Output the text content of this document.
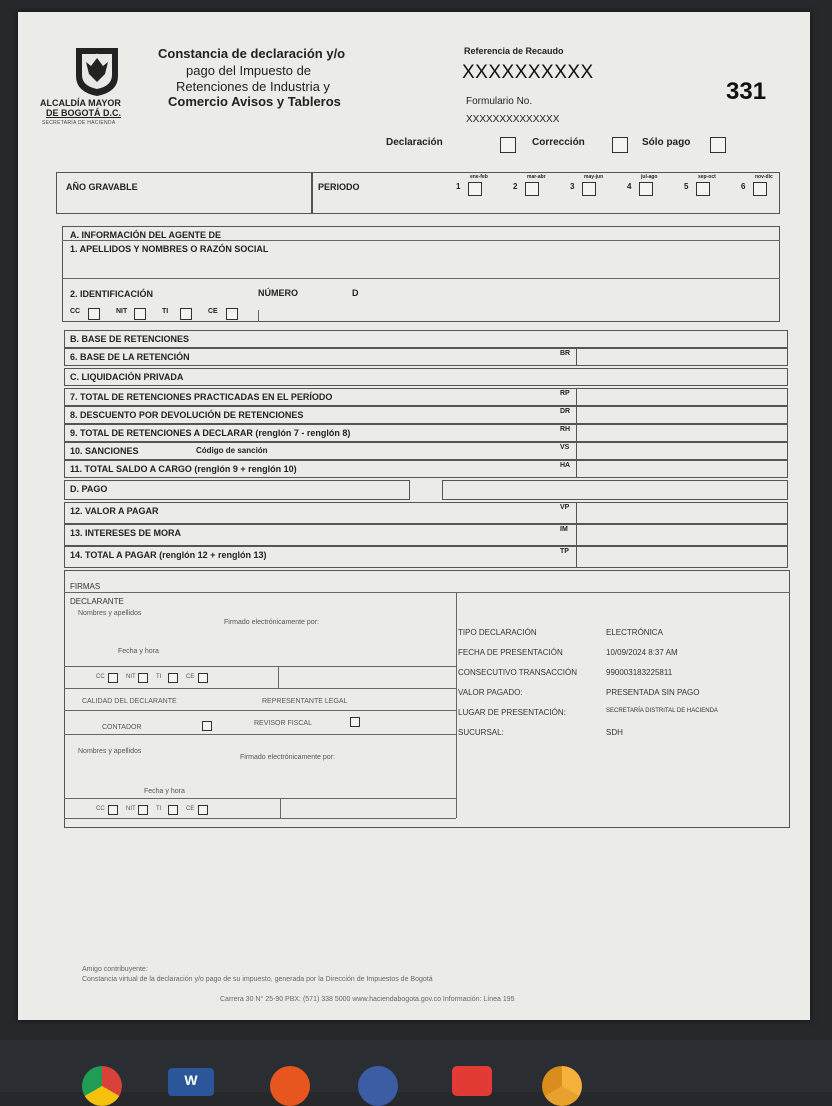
ALCALDÍA MAYOR
DE BOGOTÁ D.C.
SECRETARÍA DE HACIENDA
Constancia de declaración y/o
pago del Impuesto de
Retenciones de Industria y
Comercio Avisos y Tableros
Referencia de Recaudo
XXXXXXXXXX
Formulario No.
XXXXXXXXXXXXXX
331
Declaración	Corrección	Sólo pago
AÑO GRAVABLE	PERIODO
A. INFORMACIÓN DEL AGENTE DE
1. APELLIDOS Y NOMBRES O RAZÓN SOCIAL
2. IDENTIFICACIÓN	NÚMERO	D
FIRMAS
DECLARANTE
Nombres y apellidos
Firmado electrónicamente por:
Fecha y hora
CALIDAD DEL DECLARANTE	REPRESENTANTE LEGAL
CONTADOR
REVISOR FISCAL
Nombres y apellidos
Firmado electrónicamente por:
Fecha y hora
Amigo contribuyente:
Constancia virtual de la declaración y/o pago de su impuesto, generada por la Dirección de Impuestos de Bogotá
Carrera 30 N° 25-90 PBX: (571) 338 5000 www.haciendabogota.gov.co Información: Línea 195
1
ene-feb
2
mar-abr
3
may-jun
4
jul-ago
5
sep-oct
6
nov-dic
CC	NIT	TI	CE
B. BASE DE RETENCIONES
6. BASE DE LA RETENCIÓN	BR
C. LIQUIDACIÓN PRIVADA
7. TOTAL DE RETENCIONES PRACTICADAS EN EL PERÍODO	RP
8. DESCUENTO POR DEVOLUCIÓN DE RETENCIONES	DR
9. TOTAL DE RETENCIONES A DECLARAR (renglón 7 - renglón 8)	RH
10. SANCIONES	Código de sanción	VS
11. TOTAL SALDO A CARGO (renglón 9 + renglón 10)	HA
D. PAGO
12. VALOR A PAGAR	VP
13. INTERESES DE MORA	IM
14. TOTAL A PAGAR (renglón 12 + renglón 13)	TP
CC	NIT	TI	CE
CC	NIT	TI	CE
TIPO DECLARACIÓN	ELECTRÓNICA
FECHA DE PRESENTACIÓN	10/09/2024 8:37 AM
CONSECUTIVO TRANSACCIÓN	990003183225811
VALOR PAGADO:	PRESENTADA SIN PAGO
LUGAR DE PRESENTACIÓN:	SECRETARÍA DISTRITAL DE HACIENDA
SUCURSAL:	SDH
W
